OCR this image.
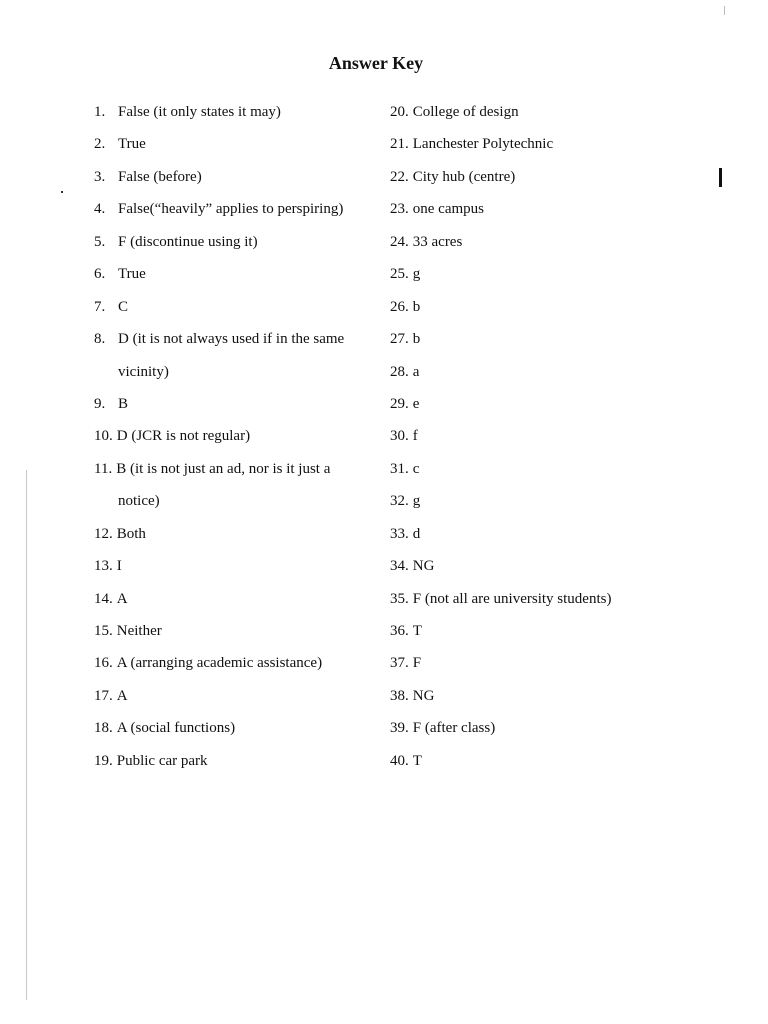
Answer Key
1. False (it only states it may)
2. True
3. False (before)
4. False(“heavily” applies to perspiring)
5. F (discontinue using it)
6. True
7. C
8. D (it is not always used if in the same
vicinity)
9. B
10. D (JCR is not regular)
11. B (it is not just an ad, nor is it just a
notice)
12. Both
13. I
14. A
15. Neither
16. A (arranging academic assistance)
17. A
18. A (social functions)
19. Public car park
20. College of design
21. Lanchester Polytechnic
22. City hub (centre)
23. one campus
24. 33 acres
25. g
26. b
27. b
28. a
29. e
30. f
31. c
32. g
33. d
34. NG
35. F (not all are university students)
36. T
37. F
38. NG
39. F (after class)
40. T
